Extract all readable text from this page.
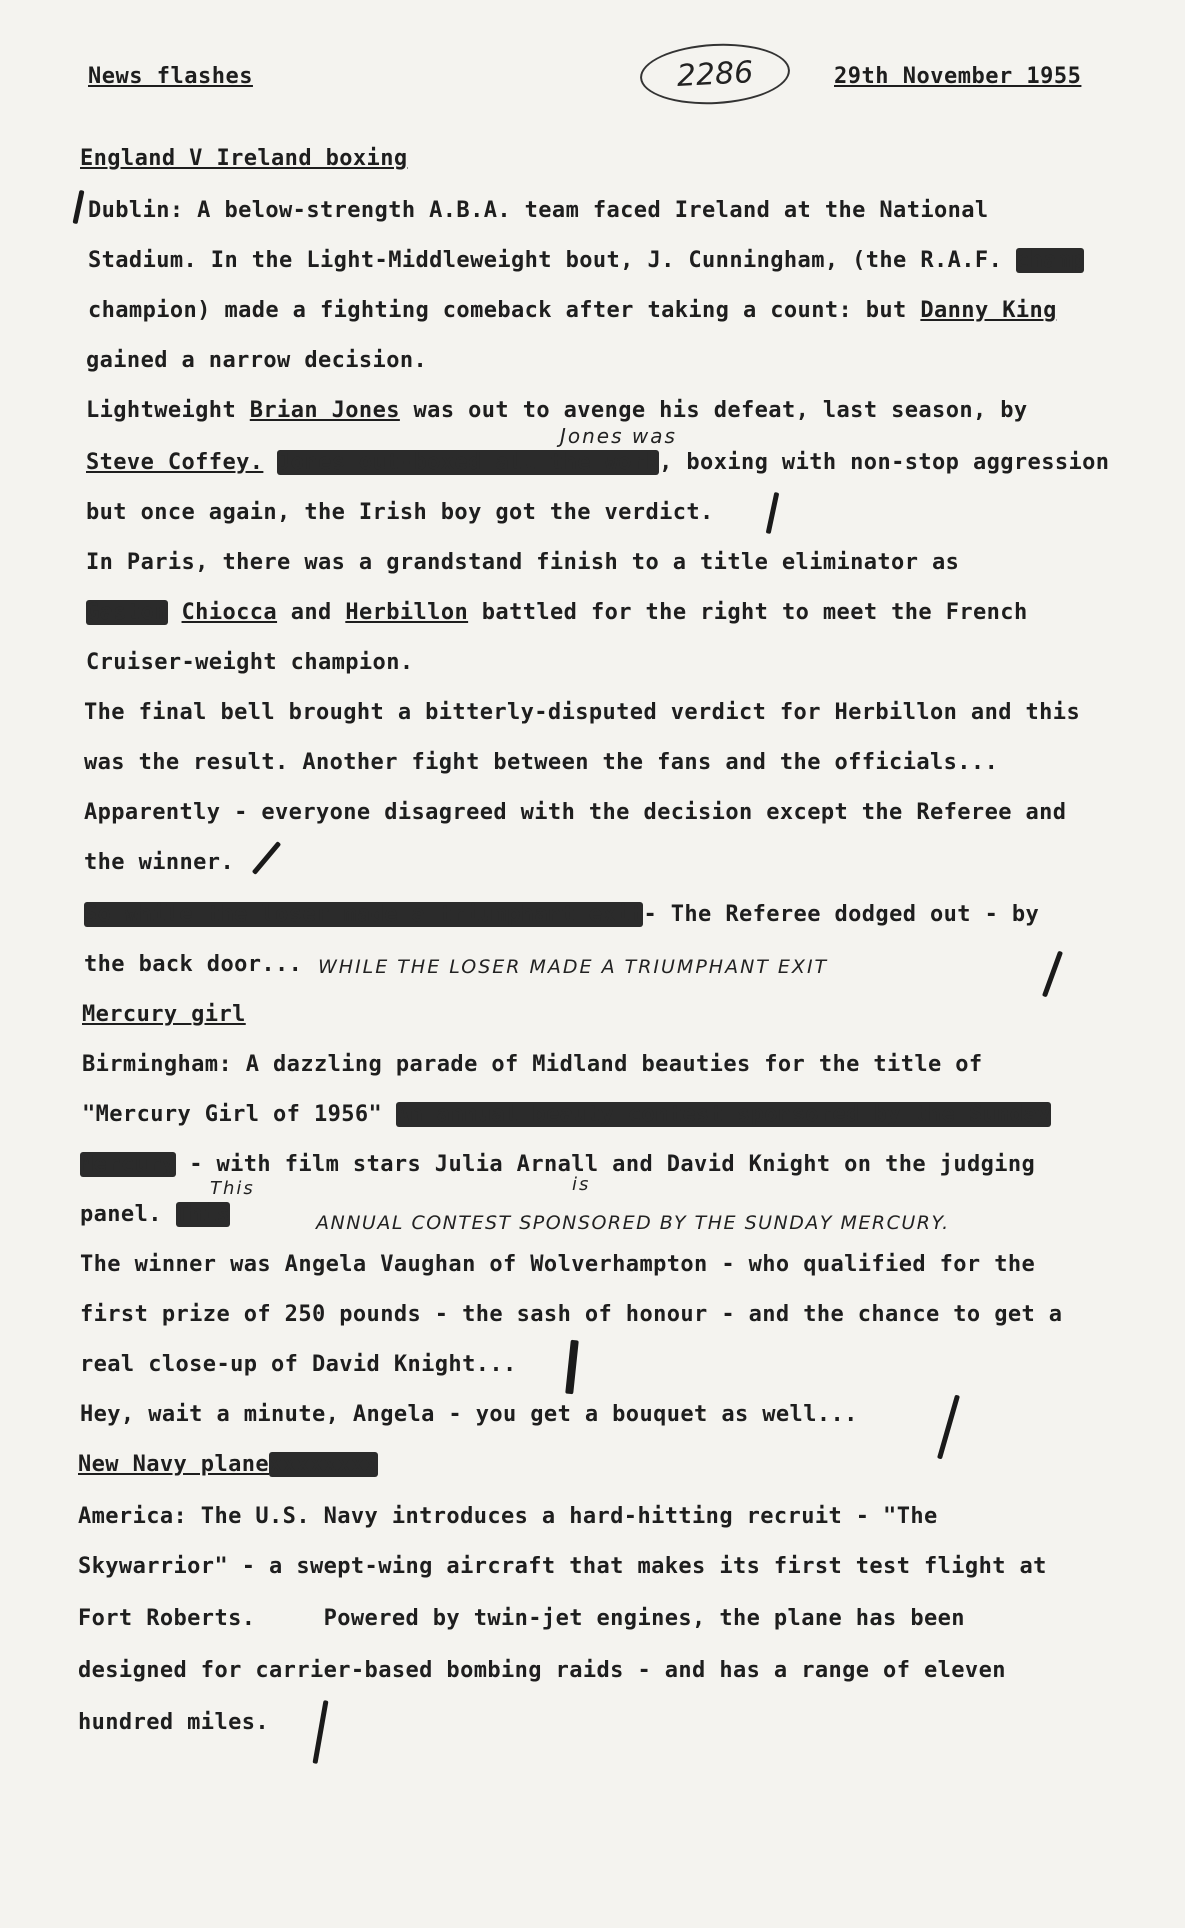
News flashes	2286	29th November 1955
England V Ireland boxing
Dublin: A below-strength A.B.A. team faced Ireland at the National
Stadium. In the Light-Middleweight bout, J. Cunningham, (the R.A.F. champ
champion) made a fighting comeback after taking a count: but Danny King
gained a narrow decision.
Lightweight Brian Jones was out to avenge his defeat, last season, by
Jones was
Steve Coffey. Jones out-boxed all the work, boxing with non-stop aggression
but once again, the Irish boy got the verdict.
In Paris, there was a grandstand finish to a title eliminator as
Gaston Chiocca and Herbillon battled for the right to meet the French
Cruiser-weight champion.
The final bell brought a bitterly-disputed verdict for Herbillon and this
was the result. Another fight between the fans and the officials...
Apparently - everyone disagreed with the decision except the Referee and
the winner.
So while the loser made a triumphant exit- The Referee dodged out - by
the back door... WHILE THE LOSER MADE A TRIUMPHANT EXIT
Mercury girl
Birmingham: A dazzling parade of Midland beauties for the title of
"Mercury Girl of 1956" An annual beauty contest sponsored by the Sunday
Mercury - with film stars Julia Arnall and David Knight on the judging
This	is
panel. This	ANNUAL CONTEST SPONSORED BY THE SUNDAY MERCURY.
The winner was Angela Vaughan of Wolverhampton - who qualified for the
first prize of 250 pounds - the sash of honour - and the chance to get a
real close-up of David Knight...
Hey, wait a minute, Angela - you get a bouquet as well...
New Navy planexxxxxxxx
America: The U.S. Navy introduces a hard-hitting recruit - "The
Skywarrior" - a swept-wing aircraft that makes its first test flight at
Fort Roberts.     Powered by twin-jet engines, the plane has been
designed for carrier-based bombing raids - and has a range of eleven
hundred miles.
